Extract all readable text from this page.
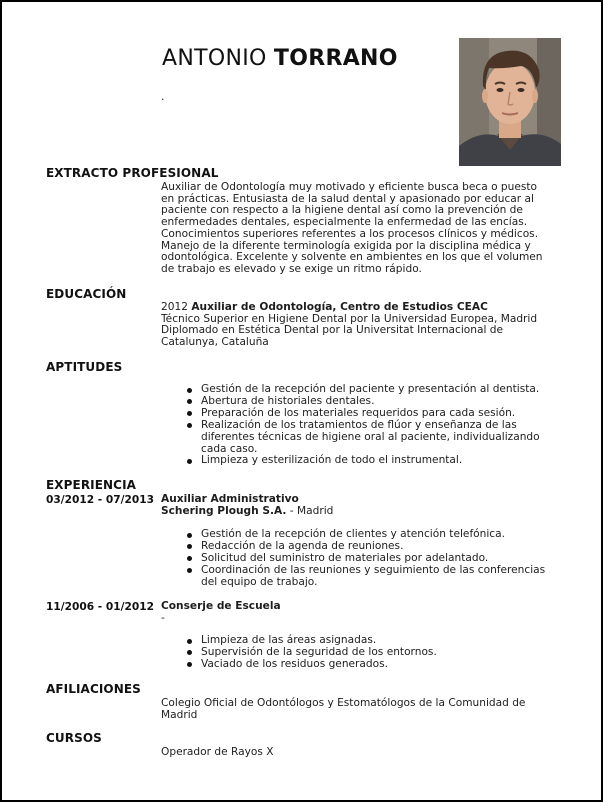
ANTONIO TORRANO
.
EXTRACTO PROFESIONAL
Auxiliar de Odontología muy motivado y eficiente busca beca o puesto
en prácticas. Entusiasta de la salud dental y apasionado por educar al
paciente con respecto a la higiene dental así como la prevención de
enfermedades dentales, especialmente la enfermedad de las encías.
Conocimientos superiores referentes a los procesos clínicos y médicos.
Manejo de la diferente terminología exigida por la disciplina médica y
odontológica. Excelente y solvente en ambientes en los que el volumen
de trabajo es elevado y se exige un ritmo rápido.
EDUCACIÓN
2012 Auxiliar de Odontología, Centro de Estudios CEAC
Técnico Superior en Higiene Dental por la Universidad Europea, Madrid
Diplomado en Estética Dental por la Universitat Internacional de
Catalunya, Cataluña
APTITUDES
Gestión de la recepción del paciente y presentación al dentista.
Abertura de historiales dentales.
Preparación de los materiales requeridos para cada sesión.
Realización de los tratamientos de flúor y enseñanza de las diferentes técnicas de higiene oral al paciente, individualizando cada caso.
Limpieza y esterilización de todo el instrumental.
EXPERIENCIA
03/2012 - 07/2013 Auxiliar Administrativo
Schering Plough S.A. - Madrid
Gestión de la recepción de clientes y atención telefónica.
Redacción de la agenda de reuniones.
Solicitud del suministro de materiales por adelantado.
Coordinación de las reuniones y seguimiento de las conferencias del equipo de trabajo.
11/2006 - 01/2012 Conserje de Escuela
-
Limpieza de las áreas asignadas.
Supervisión de la seguridad de los entornos.
Vaciado de los residuos generados.
AFILIACIONES
Colegio Oficial de Odontólogos y Estomatólogos de la Comunidad de
Madrid
CURSOS
Operador de Rayos X
